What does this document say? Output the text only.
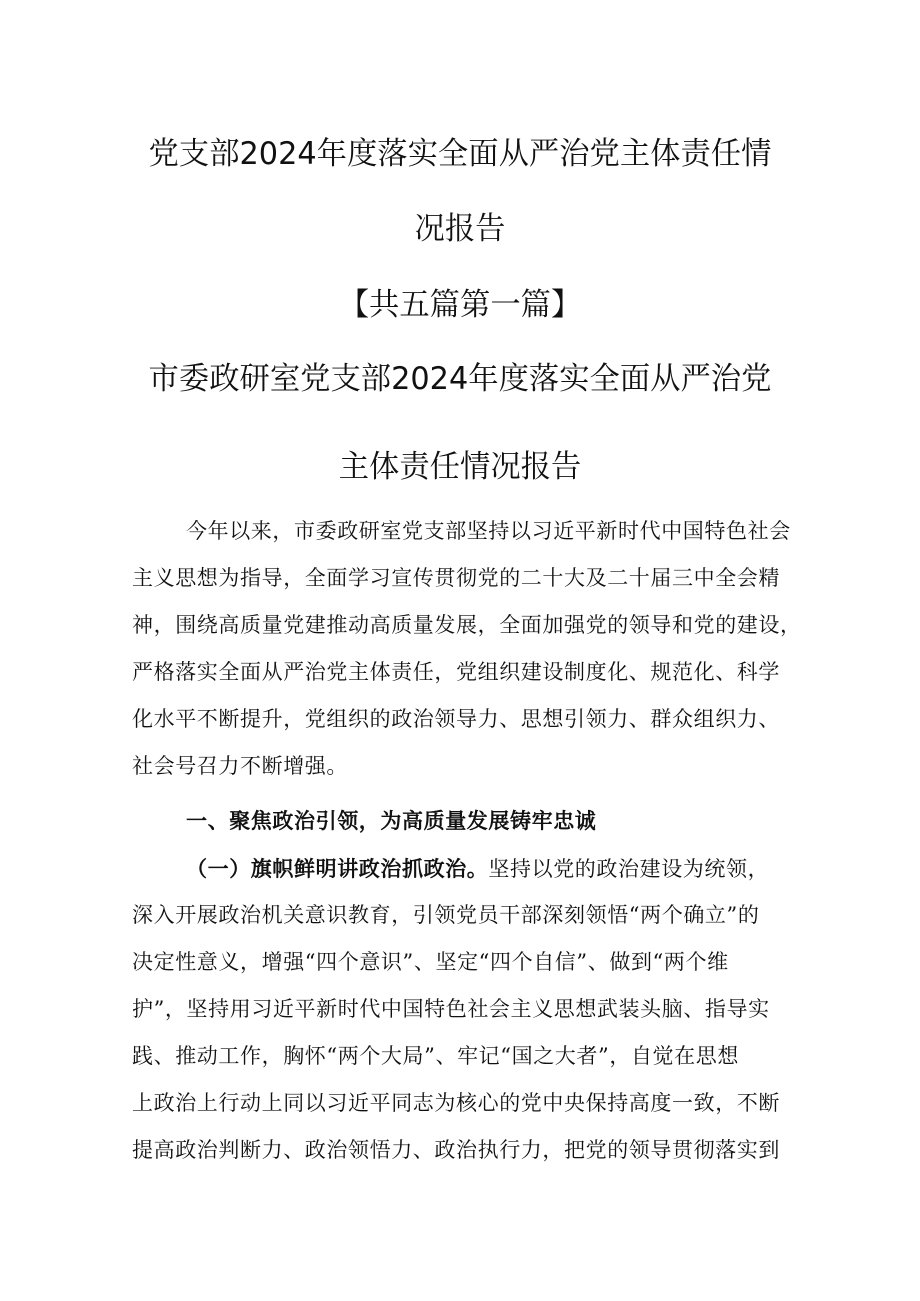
党支部2024年度落实全面从严治党主体责任情
况报告
【共五篇第一篇】
市委政研室党支部2024年度落实全面从严治党
主体责任情况报告
今年以来，市委政研室党支部坚持以习近平新时代中国特色社会
主义思想为指导，全面学习宣传贯彻党的二十大及二十届三中全会精
神，围绕高质量党建推动高质量发展，全面加强党的领导和党的建设，
严格落实全面从严治党主体责任，党组织建设制度化、规范化、科学
化水平不断提升，党组织的政治领导力、思想引领力、群众组织力、
社会号召力不断增强。
一、聚焦政治引领，为高质量发展铸牢忠诚
（一）旗帜鲜明讲政治抓政治。坚持以党的政治建设为统领，
深入开展政治机关意识教育，引领党员干部深刻领悟“两个确立”的
决定性意义，增强“四个意识”、坚定“四个自信”、做到“两个维
护”，坚持用习近平新时代中国特色社会主义思想武装头脑、指导实
践、推动工作，胸怀“两个大局”、牢记“国之大者”，自觉在思想
上政治上行动上同以习近平同志为核心的党中央保持高度一致，不断
提高政治判断力、政治领悟力、政治执行力，把党的领导贯彻落实到
